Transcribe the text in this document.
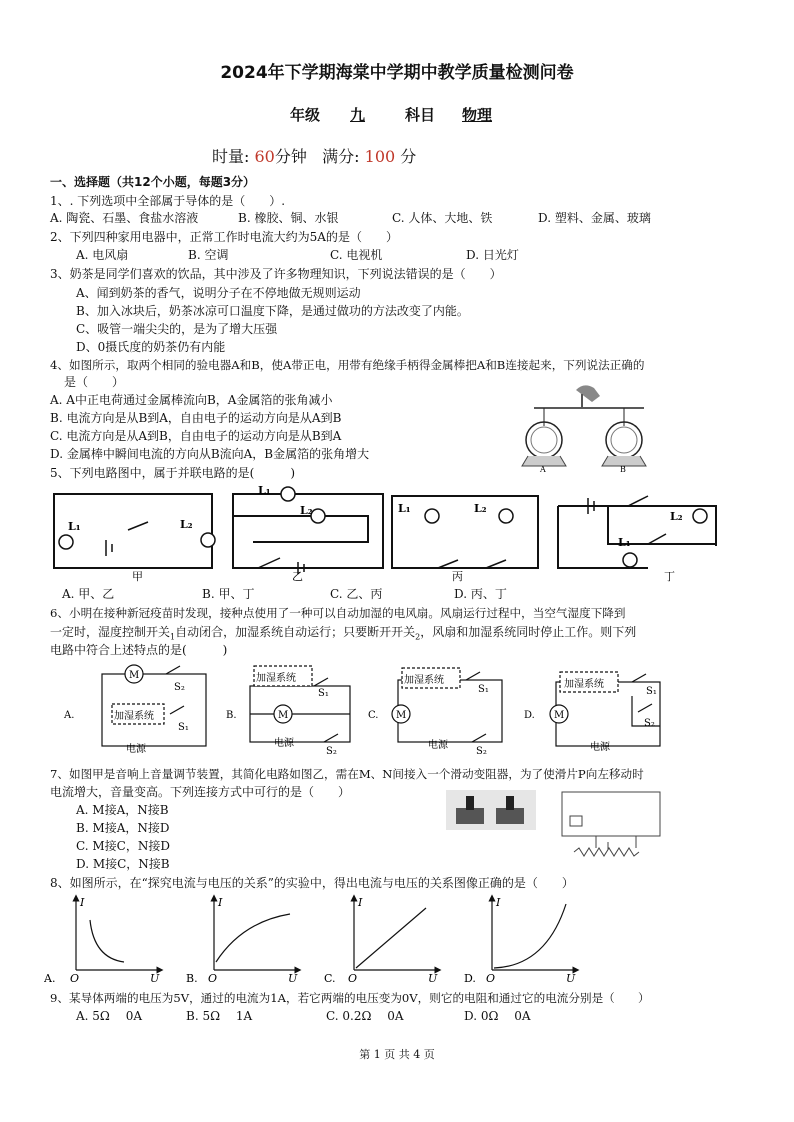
2024年下学期海棠中学期中教学质量检测问卷
年级 九	科目 物理
时量: 60分钟 满分: 100 分
一、选择题（共12个小题，每题3分）
1、. 下列选项中全部属于导体的是（　　）.
A. 陶瓷、石墨、食盐水溶液	B. 橡胶、铜、水银	C. 人体、大地、铁	D. 塑料、金属、玻璃
2、下列四种家用电器中，正常工作时电流大约为5A的是（　　）
A. 电风扇	B. 空调	C. 电视机	D. 日光灯
3、奶茶是同学们喜欢的饮品，其中涉及了许多物理知识，下列说法错误的是（　　）
A、闻到奶茶的香气，说明分子在不停地做无规则运动
B、加入冰块后，奶茶冰凉可口温度下降，是通过做功的方法改变了内能。
C、吸管一端尖尖的，是为了增大压强
D、0摄氏度的奶茶仍有内能
4、如图所示，取两个相同的验电器A和B，使A带正电，用带有绝缘手柄得金属棒把A和B连接起来，下列说法正确的
是（　　）
A. A中正电荷通过金属棒流向B，A金属箔的张角减小
B. 电流方向是从B到A，自由电子的运动方向是从A到B
C. 电流方向是从A到B，自由电子的运动方向是从B到A
D. 金属棒中瞬间电流的方向从B流向A，B金属箔的张角增大
A	B
5、下列电路图中，属于并联电路的是(　　　)
L₁	L₂
甲
L₁
L₂
乙
L₁	L₂
丙
L₂
L₁
丁
A. 甲、乙	B. 甲、丁	C. 乙、丙	D. 丙、丁
6、小明在接种新冠疫苗时发现，接种点使用了一种可以自动加湿的电风扇。风扇运行过程中，当空气湿度下降到
一定时，湿度控制开关$_1$自动闭合，加湿系统自动运行；只要断开开关$_2$，风扇和加湿系统同时停止工作。则下列
电路中符合上述特点的是(　　　)
A.
M
加湿系统
S₂
S₁
电源
B.
加湿系统
M
S₁
电源
S₂
C.
加湿系统
M
S₁
电源
S₂
D.
加湿系统
M
S₁
S₂
电源
7、如图甲是音响上音量调节装置，其简化电路如图乙，需在M、N间接入一个滑动变阻器，为了使滑片P向左移动时
电流增大，音量变高。下列连接方式中可行的是（　　）
A. M接A，N接B
B. M接A，N接D
C. M接C，N接D
D. M接C，N接B
8、如图所示，在“探究电流与电压的关系”的实验中，得出电流与电压的关系图像正确的是（　　）
A.
I
O	U B.
I
O	U C.
I
O	U D.
I
O	U
9、某导体两端的电压为5V，通过的电流为1A，若它两端的电压变为0V，则它的电阻和通过它的电流分别是（　　）
A. 5Ω　 0A	B. 5Ω　 1A	C. 0.2Ω　 0A	D. 0Ω　 0A
第 1 页 共 4 页
